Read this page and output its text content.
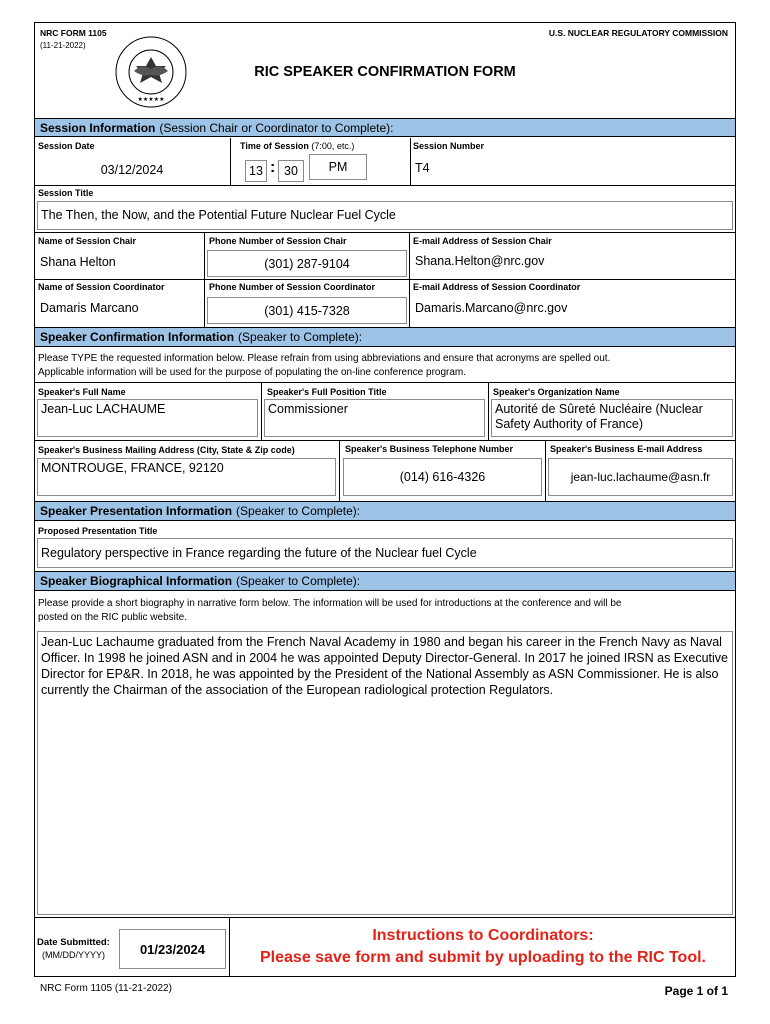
NRC FORM 1105
(11-21-2022)
U.S. NUCLEAR REGULATORY COMMISSION
★★★★★
RIC SPEAKER CONFIRMATION FORM
Session Information (Session Chair or Coordinator to Complete):
Session Date	Time of Session (7:00, etc.)	Session Number
03/12/2024	13 : 30	PM	T4
Session Title
The Then, the Now, and the Potential Future Nuclear Fuel Cycle
Name of Session Chair	Phone Number of Session Chair	E-mail Address of Session Chair
Shana Helton	(301) 287-9104	Shana.Helton@nrc.gov
Name of Session Coordinator	Phone Number of Session Coordinator	E-mail Address of Session Coordinator
Damaris Marcano	(301) 415-7328	Damaris.Marcano@nrc.gov
Speaker Confirmation Information (Speaker to Complete):
Please TYPE the requested information below. Please refrain from using abbreviations and ensure that acronyms are spelled out.
Applicable information will be used for the purpose of populating the on-line conference program.
Speaker's Full Name	Speaker's Full Position Title	Speaker's Organization Name
Jean-Luc LACHAUME	Commissioner	Autorité de Sûreté Nucléaire (Nuclear Safety Authority of France)
Speaker's Business Mailing Address (City, State & Zip code)	Speaker's Business Telephone Number	Speaker's Business E-mail Address
MONTROUGE, FRANCE, 92120
(014) 616-4326	jean-luc.lachaume@asn.fr
Speaker Presentation Information (Speaker to Complete):
Proposed Presentation Title
Regulatory perspective in France regarding the future of the Nuclear fuel Cycle
Speaker Biographical Information (Speaker to Complete):
Please provide a short biography in narrative form below. The information will be used for introductions at the conference and will be
posted on the RIC public website.
Jean-Luc Lachaume graduated from the French Naval Academy in 1980 and began his career in the French Navy as Naval Officer. In 1998 he joined ASN and in 2004 he was appointed Deputy Director-General. In 2017 he joined IRSN as Executive Director for EP&R. In 2018, he was appointed by the President of the National Assembly as ASN Commissioner. He is also currently the Chairman of the association of the European radiological protection Regulators.
Date Submitted:
(MM/DD/YYYY)	01/23/2024
Instructions to Coordinators:
Please save form and submit by uploading to the RIC Tool.
NRC Form 1105 (11-21-2022)	Page 1 of 1
